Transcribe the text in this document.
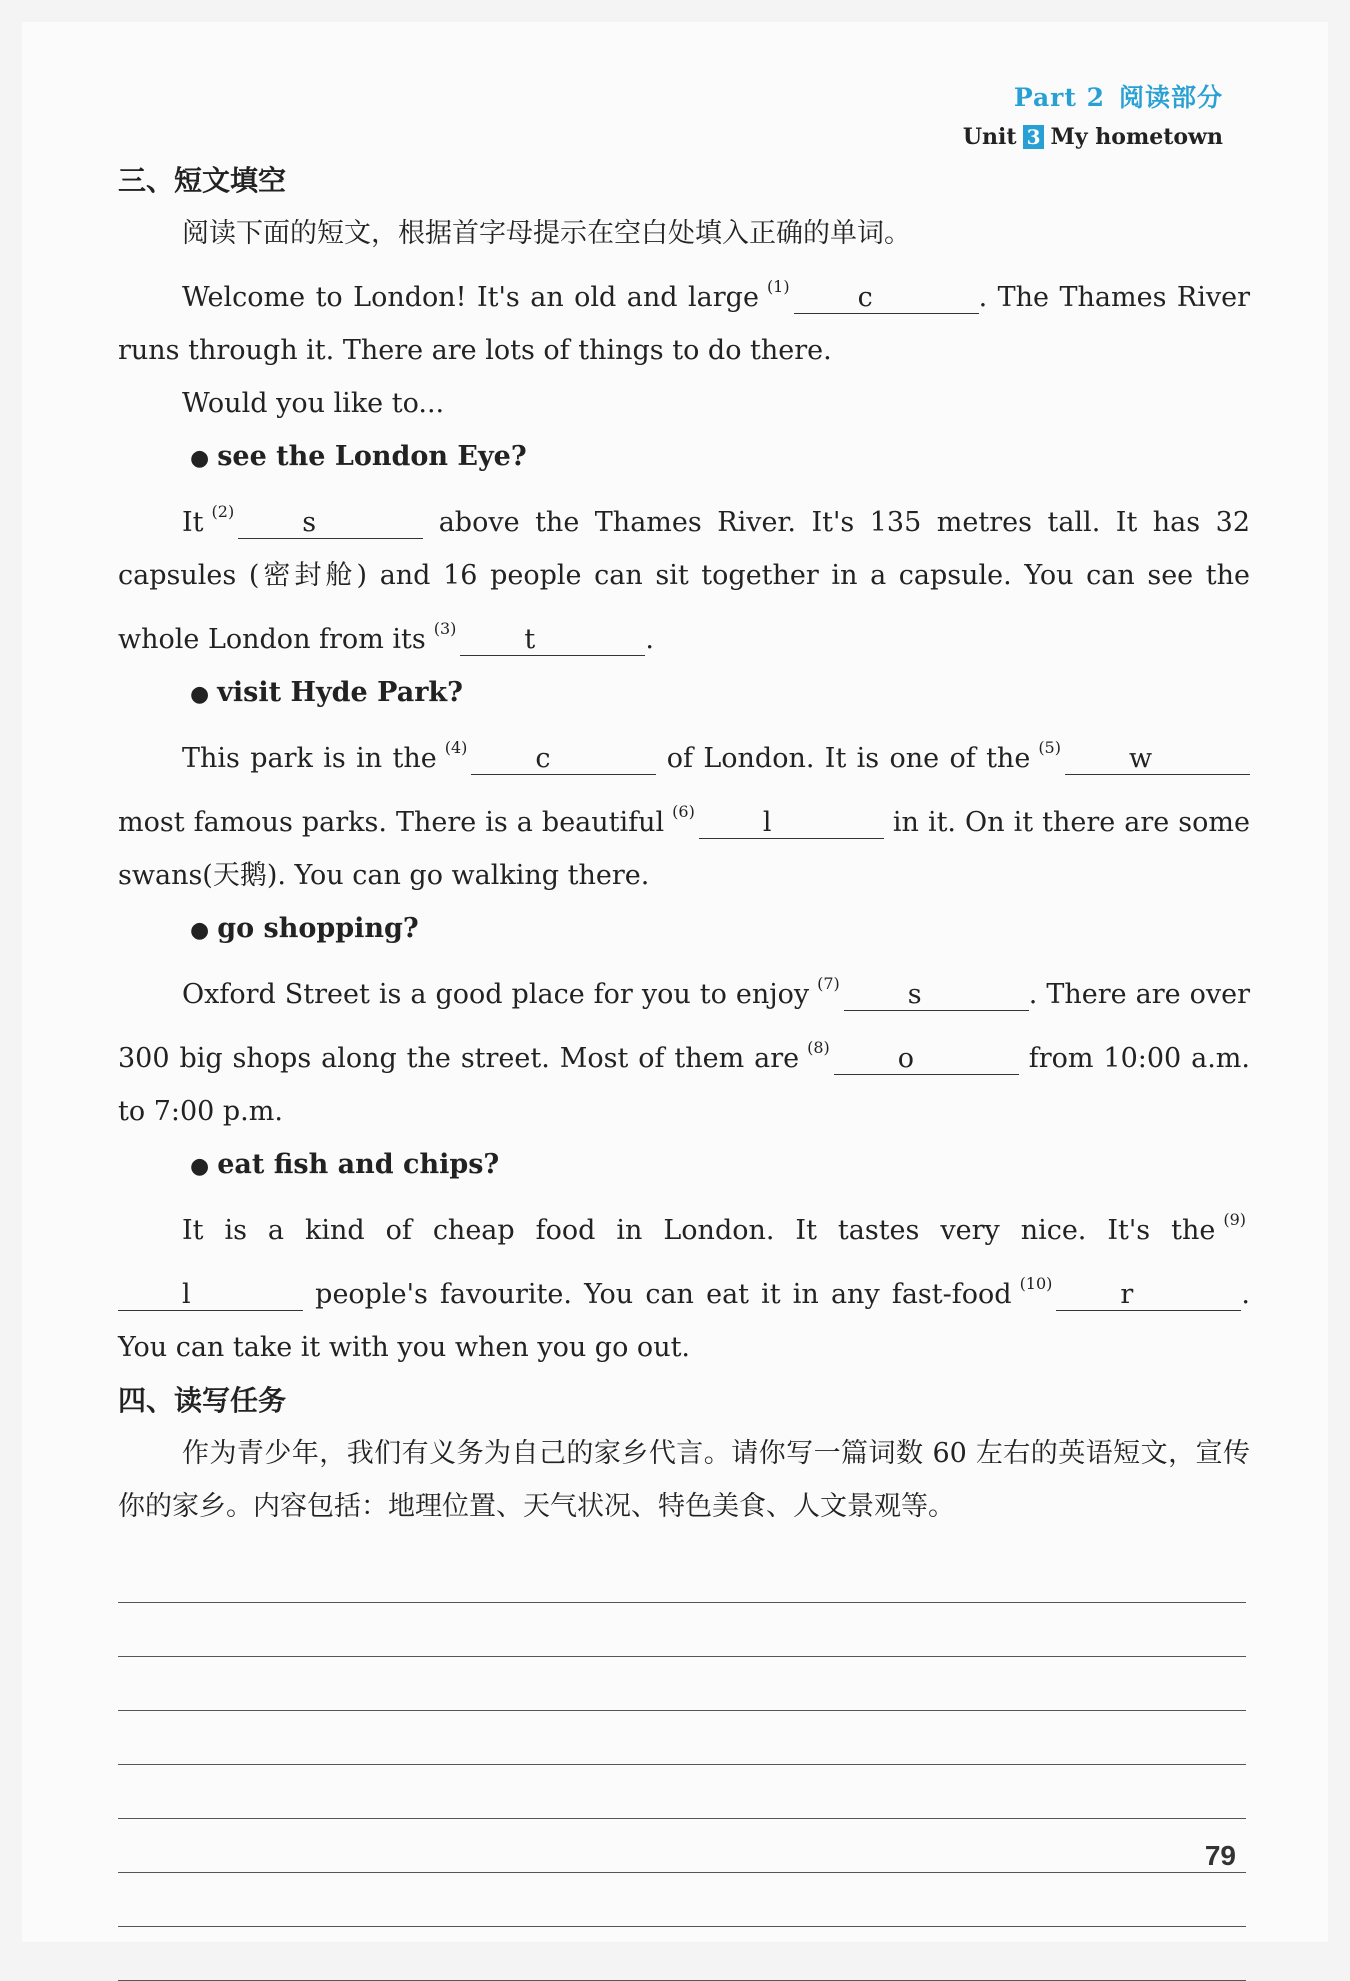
Part 2 阅读部分
Unit 3 My hometown
三、短文填空

阅读下面的短文，根据首字母提示在空白处填入正确的单词。

Welcome to London! It's an old and large $^{(1)}$	c	. The Thames River runs through it. There are lots of things to do there.

Would you like to...

● see the London Eye?

It $^{(2)}$	s	above the Thames River. It's 135 metres tall. It has 32 capsules (密封舱) and 16 people can sit together in a capsule. You can see the whole London from its $^{(3)}$	t	.

● visit Hyde Park?

This park is in the $^{(4)}$	c	of London. It is one of the $^{(5)}$	w most famous parks. There is a beautiful $^{(6)}$	l	in it. On it there are some swans(天鹅). You can go walking there.

● go shopping?

Oxford Street is a good place for you to enjoy $^{(7)}$	s	. There are over 300 big shops along the street. Most of them are $^{(8)}$	o	from 10:00 a.m. to 7:00 p.m.

● eat fish and chips?

It is a kind of cheap food in London. It tastes very nice. It's the $^{(9)}$l	people's favourite. You can eat it in any fast-food $^{(10)}$	r	. You can take it with you when you go out.

四、读写任务

作为青少年，我们有义务为自己的家乡代言。请你写一篇词数 60 左右的英语短文，宣传你的家乡。内容包括：地理位置、天气状况、特色美食、人文景观等。

79
